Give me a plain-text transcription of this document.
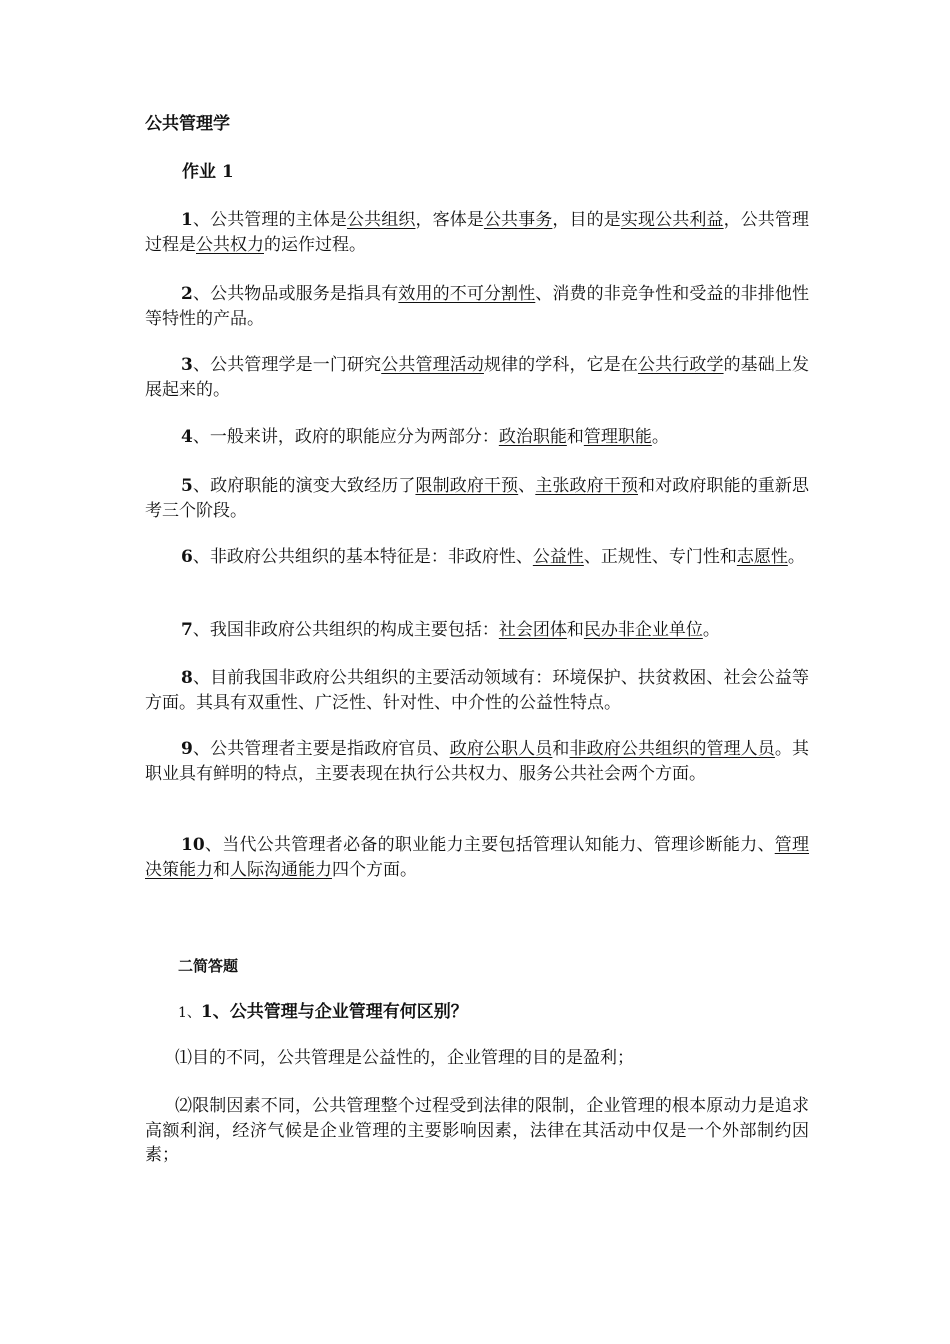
公共管理学
作业 1

1、公共管理的主体是公共组织，客体是公共事务，目的是实现公共利益，公共管理过程是公共权力的运作过程。

2、公共物品或服务是指具有效用的不可分割性、消费的非竞争性和受益的非排他性等特性的产品。

3、公共管理学是一门研究公共管理活动规律的学科，它是在公共行政学的基础上发展起来的。

4、一般来讲，政府的职能应分为两部分：政治职能和管理职能。

5、政府职能的演变大致经历了限制政府干预、主张政府干预和对政府职能的重新思考三个阶段。

6、非政府公共组织的基本特征是：非政府性、公益性、正规性、专门性和志愿性。

7、我国非政府公共组织的构成主要包括：社会团体和民办非企业单位。

8、目前我国非政府公共组织的主要活动领域有：环境保护、扶贫救困、社会公益等方面。其具有双重性、广泛性、针对性、中介性的公益性特点。

9、公共管理者主要是指政府官员、政府公职人员和非政府公共组织的管理人员。其职业具有鲜明的特点，主要表现在执行公共权力、服务公共社会两个方面。

10、当代公共管理者必备的职业能力主要包括管理认知能力、管理诊断能力、管理决策能力和人际沟通能力四个方面。

二简答题

1、1、公共管理与企业管理有何区别？

⑴目的不同，公共管理是公益性的，企业管理的目的是盈利；

⑵限制因素不同，公共管理整个过程受到法律的限制，企业管理的根本原动力是追求高额利润，经济气候是企业管理的主要影响因素，法律在其活动中仅是一个外部制约因素；
